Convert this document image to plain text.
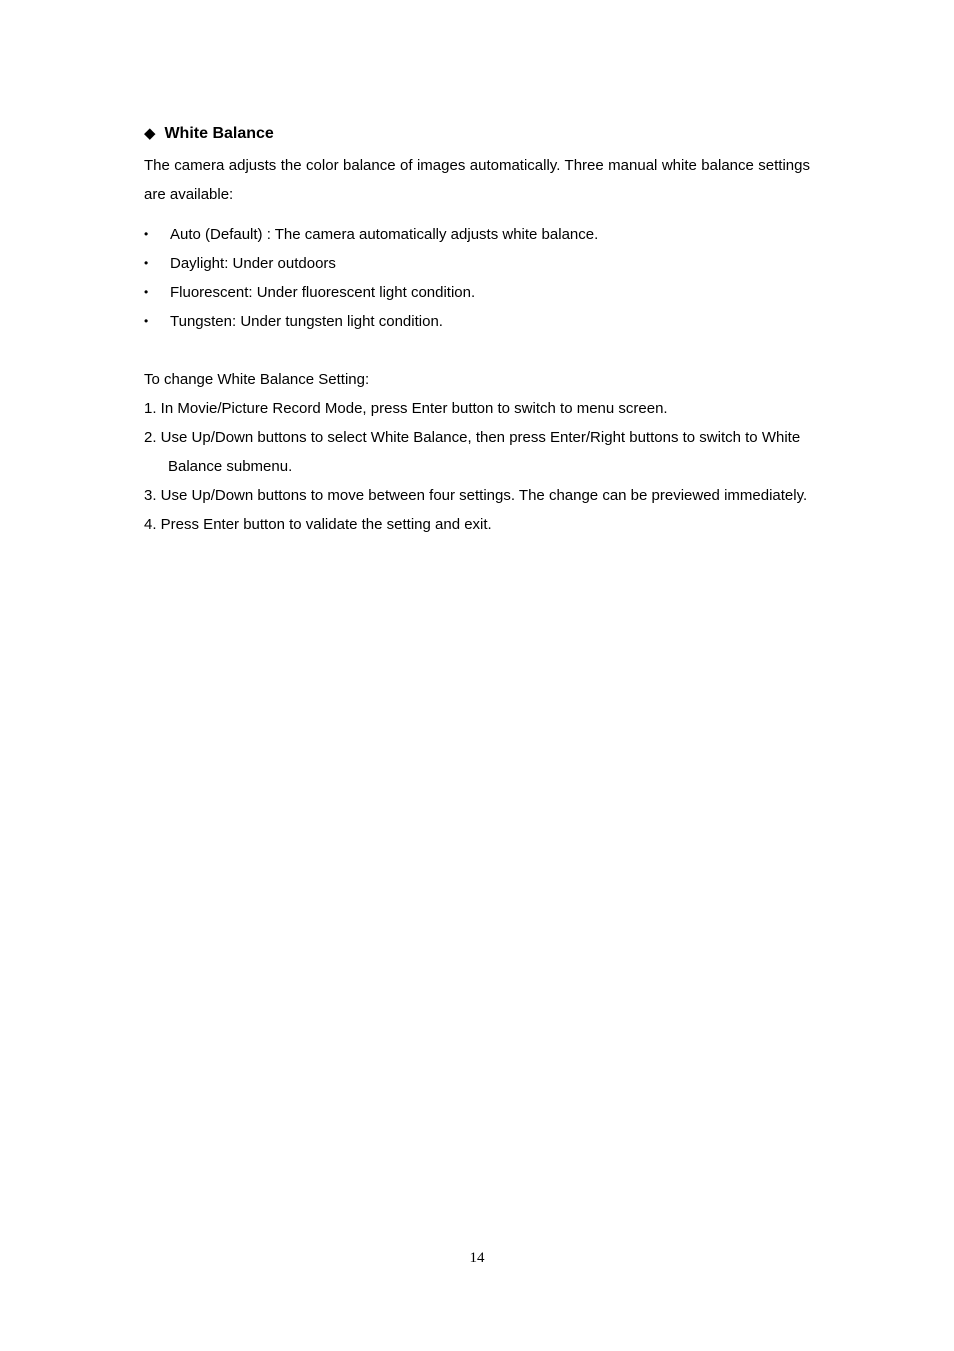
◆ White Balance
The camera adjusts the color balance of images automatically. Three manual white balance settings are available:
• Auto (Default) : The camera automatically adjusts white balance.
• Daylight: Under outdoors
• Fluorescent: Under fluorescent light condition.
• Tungsten: Under tungsten light condition.
To change White Balance Setting:
1. In Movie/Picture Record Mode, press Enter button to switch to menu screen.
2. Use Up/Down buttons to select White Balance, then press Enter/Right buttons to switch to White Balance submenu.
3. Use Up/Down buttons to move between four settings. The change can be previewed immediately.
4. Press Enter button to validate the setting and exit.
14
